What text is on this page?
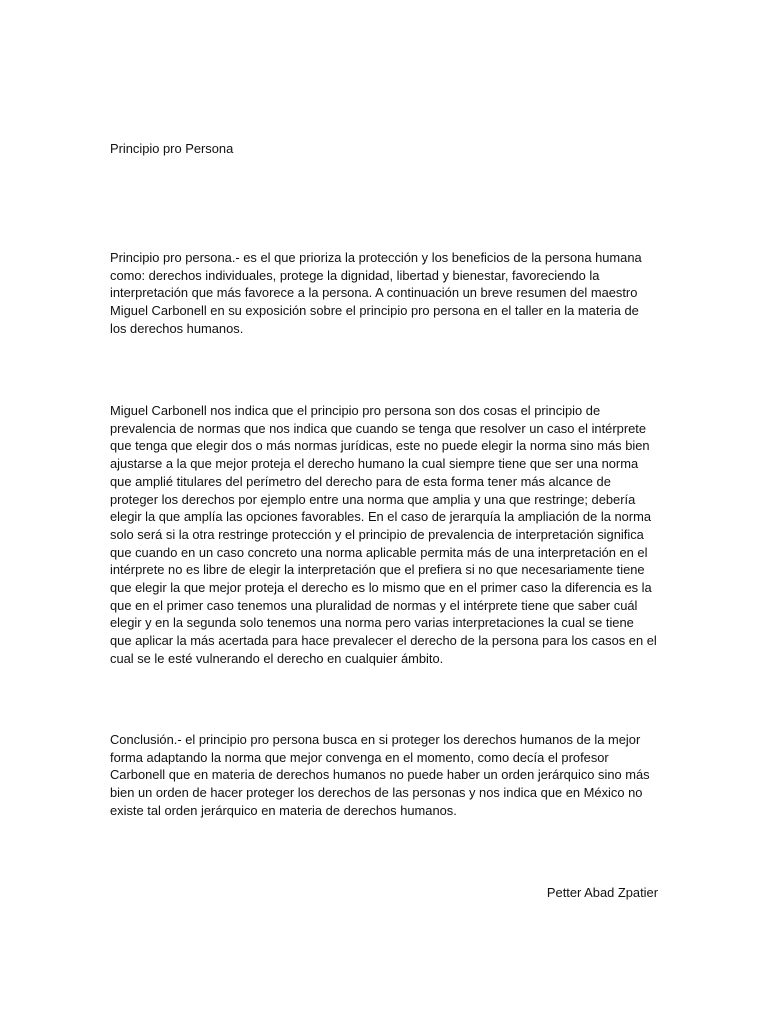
Principio pro Persona

Principio pro persona.- es el que prioriza la protección y los beneficios de la persona humana como: derechos individuales, protege la dignidad, libertad y bienestar, favoreciendo la interpretación que más favorece a la persona. A continuación un breve resumen del maestro Miguel Carbonell en su exposición sobre el principio pro persona en el taller en la materia de los derechos humanos.

Miguel Carbonell nos indica que el principio pro persona son dos cosas el principio de prevalencia de normas que nos indica que cuando se tenga que resolver un caso el intérprete que tenga que elegir dos o más normas jurídicas, este no puede elegir la norma sino más bien ajustarse a la que mejor proteja el derecho humano la cual siempre tiene que ser una norma que amplié titulares del perímetro del derecho para de esta forma tener más alcance de proteger los derechos por ejemplo entre una norma que amplia y una que restringe; debería elegir la que amplía las opciones favorables. En el caso de jerarquía la ampliación de la norma solo será si la otra restringe protección y el principio de prevalencia de interpretación significa que cuando en un caso concreto una norma aplicable permita más de una interpretación en el intérprete no es libre de elegir la interpretación que el prefiera si no que necesariamente tiene que elegir la que mejor proteja el derecho es lo mismo que en el primer caso la diferencia es la que en el primer caso tenemos una pluralidad de normas y el intérprete tiene que saber cuál elegir y en la segunda solo tenemos una norma pero varias interpretaciones la cual se tiene que aplicar la más acertada para hace prevalecer el derecho de la persona para los casos en el cual se le esté vulnerando el derecho en cualquier ámbito.

Conclusión.- el principio pro persona busca en si proteger los derechos humanos de la mejor forma adaptando la norma que mejor convenga en el momento, como decía el profesor Carbonell que en materia de derechos humanos no puede haber un orden jerárquico sino más bien un orden de hacer proteger los derechos de las personas y nos indica que en México no existe tal orden jerárquico en materia de derechos humanos.

Petter Abad Zpatier
